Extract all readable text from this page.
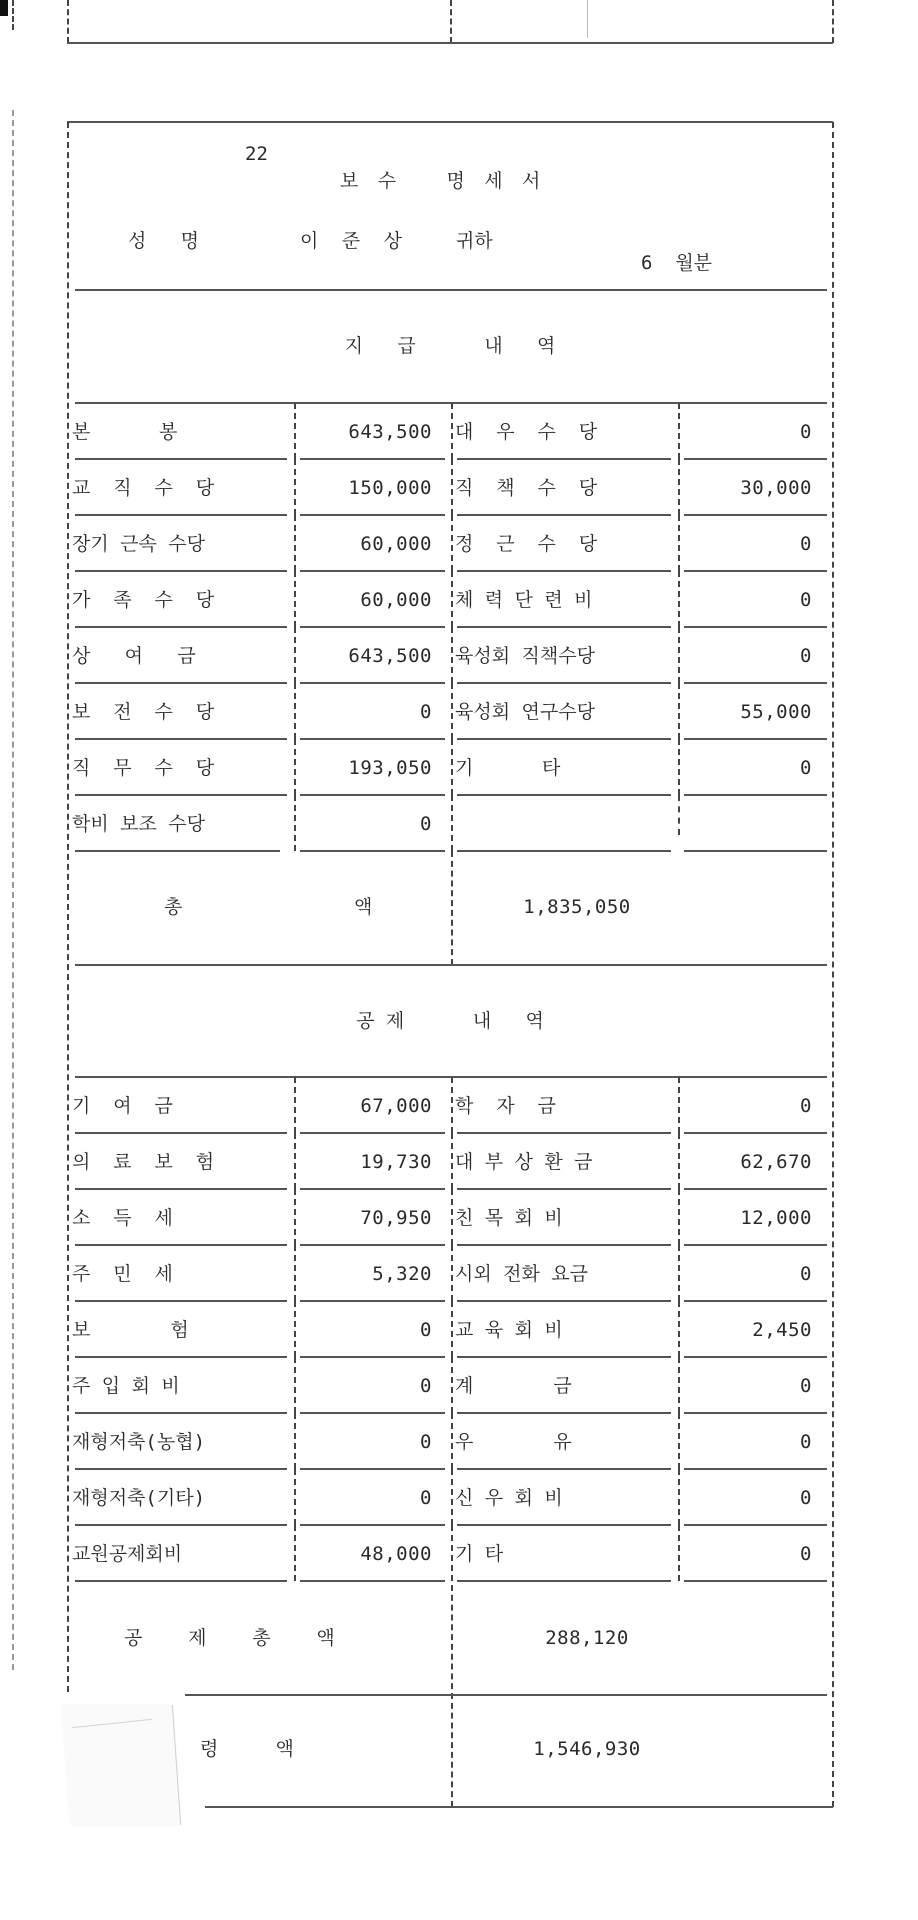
22
보 수   명 세 서
성   명	이 준 상	귀하
6  월분
지   급      내   역
본      봉	643,500 대  우  수  당	0
교  직  수  당	150,000 직  책  수  당	30,000
장기 근속 수당	60,000 정  근  수  당	0
가  족  수  당	60,000 체 력 단 련 비	0
상   여   금	643,500 육성회 직책수당	0
보  전  수  당	0 육성회 연구수당	55,000
직  무  수  당	193,050 기      타	0
학비 보조 수당	0
총	액	1,835,050
공 제      내   역
기  여  금	67,000 학  자  금	0
의  료  보  험	19,730 대 부 상 환 금	62,670
소  득  세	70,950 친 목 회 비	12,000
주  민  세	5,320 시외 전화 요금	0
보       험	0 교 육 회 비	2,450
주 입 회 비	0 계       금	0
재형저축(농협)	0 우       유	0
재형저축(기타)	0 신 우 회 비	0
교원공제회비	48,000 기 타	0
공    제    총    액	288,120
령     액	1,546,930
